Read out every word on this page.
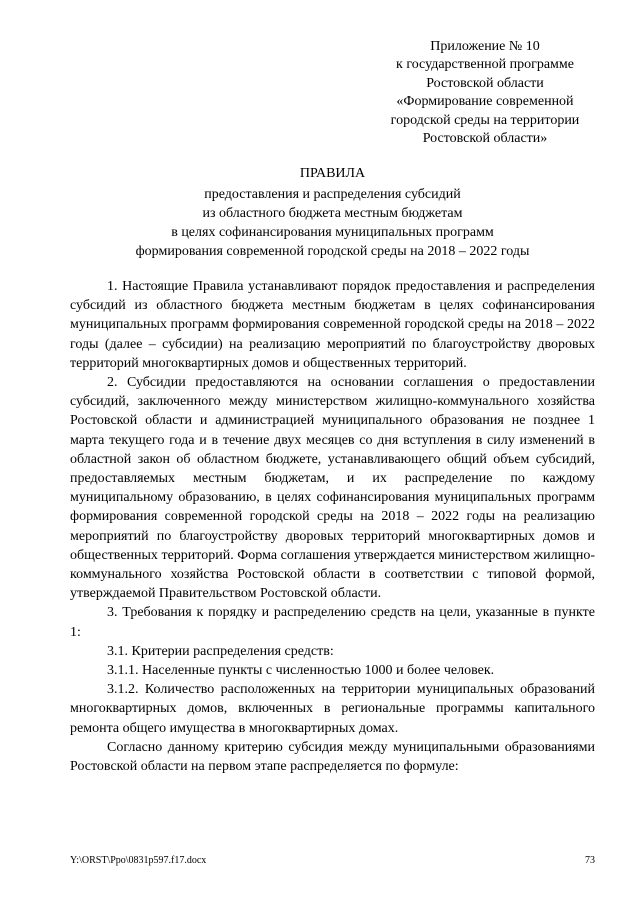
Приложение № 10
к государственной программе
Ростовской области
«Формирование современной
городской среды на территории
Ростовской области»
ПРАВИЛА
предоставления и распределения субсидий
из областного бюджета местным бюджетам
в целях софинансирования муниципальных программ
формирования современной городской среды на 2018 – 2022 годы

1. Настоящие Правила устанавливают порядок предоставления и распределения субсидий из областного бюджета местным бюджетам в целях софинансирования муниципальных программ формирования современной городской среды на 2018 – 2022 годы (далее – субсидии) на реализацию мероприятий по благоустройству дворовых территорий многоквартирных домов и общественных территорий.

2. Субсидии предоставляются на основании соглашения о предоставлении субсидий, заключенного между министерством жилищно-коммунального хозяйства Ростовской области и администрацией муниципального образования не позднее 1 марта текущего года и в течение двух месяцев со дня вступления в силу изменений в областной закон об областном бюджете, устанавливающего общий объем субсидий, предоставляемых местным бюджетам, и их распределение по каждому муниципальному образованию, в целях софинансирования муниципальных программ формирования современной городской среды на 2018 – 2022 годы на реализацию мероприятий по благоустройству дворовых территорий многоквартирных домов и общественных территорий. Форма соглашения утверждается министерством жилищно-коммунального хозяйства Ростовской области в соответствии с типовой формой, утверждаемой Правительством Ростовской области.

3. Требования к порядку и распределению средств на цели, указанные в пункте 1:

3.1. Критерии распределения средств:

3.1.1. Населенные пункты с численностью 1000 и более человек.

3.1.2. Количество расположенных на территории муниципальных образований многоквартирных домов, включенных в региональные программы капитального ремонта общего имущества в многоквартирных домах.

Согласно данному критерию субсидия между муниципальными образованиями Ростовской области на первом этапе распределяется по формуле:

Y:\ORST\Ppo\0831p597.f17.docx	73
